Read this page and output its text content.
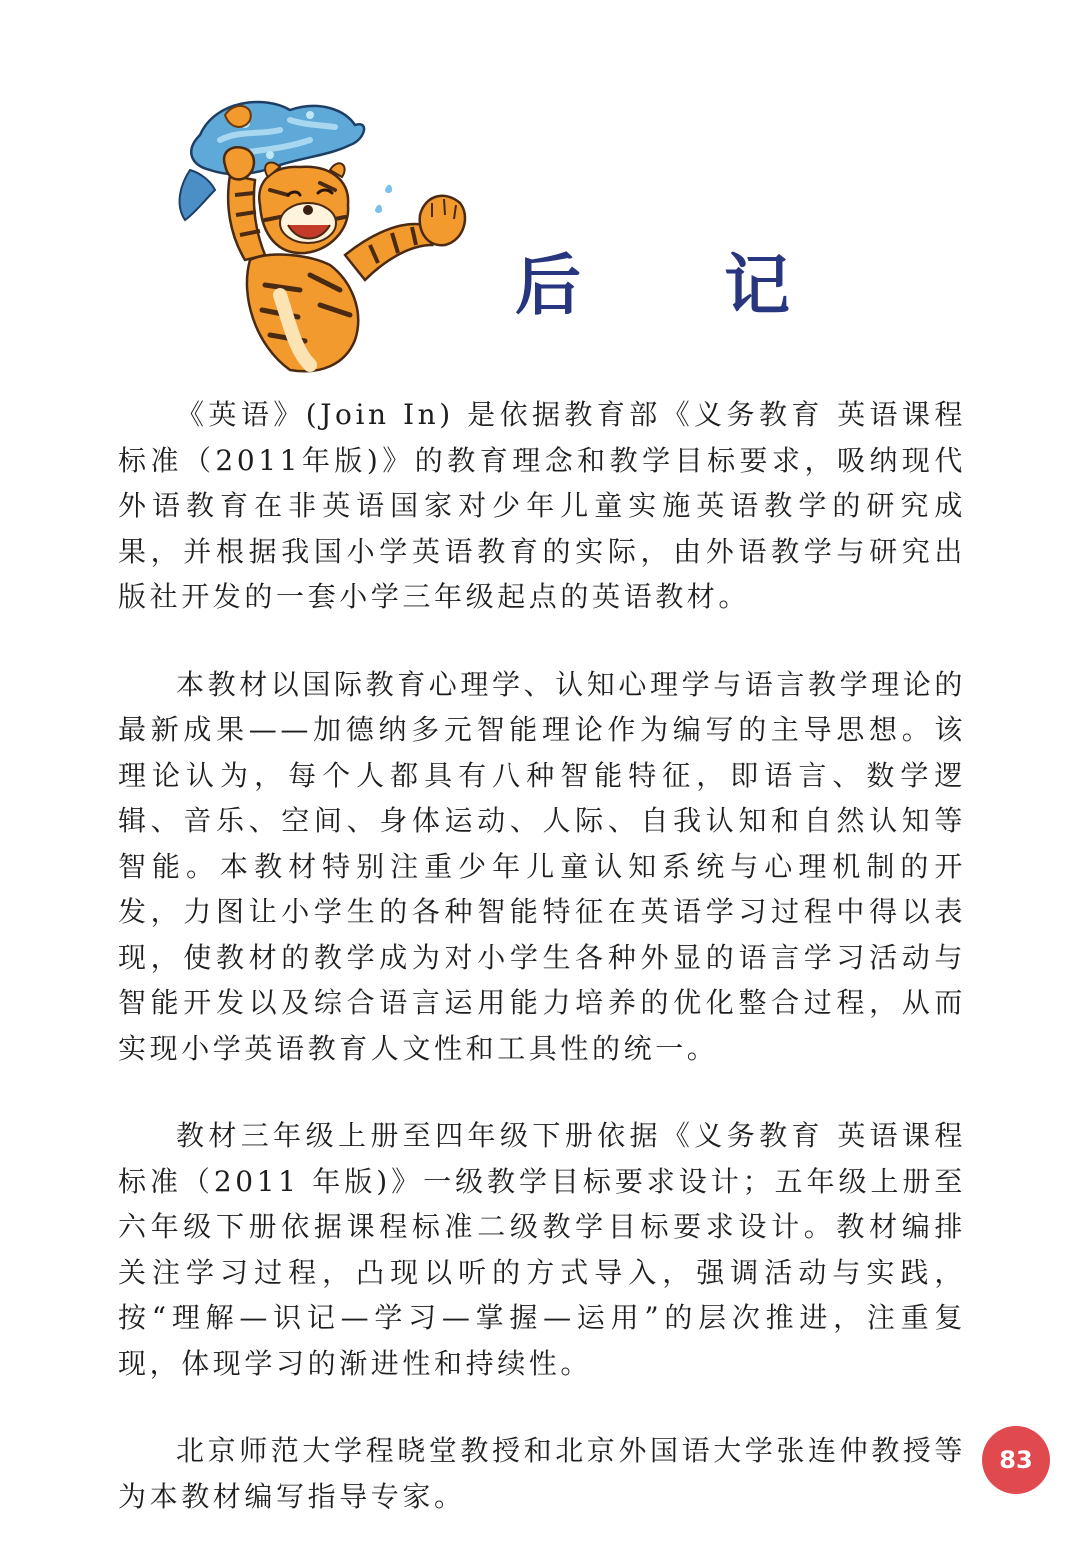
后 记

《英语》(Join In) 是依据教育部《义务教育 英语课程标准（2011年版)》的教育理念和教学目标要求，吸纳现代外语教育在非英语国家对少年儿童实施英语教学的研究成果，并根据我国小学英语教育的实际，由外语教学与研究出版社开发的一套小学三年级起点的英语教材。

本教材以国际教育心理学、认知心理学与语言教学理论的最新成果——加德纳多元智能理论作为编写的主导思想。该理论认为，每个人都具有八种智能特征，即语言、数学逻辑、音乐、空间、身体运动、人际、自我认知和自然认知等智能。本教材特别注重少年儿童认知系统与心理机制的开发，力图让小学生的各种智能特征在英语学习过程中得以表现，使教材的教学成为对小学生各种外显的语言学习活动与智能开发以及综合语言运用能力培养的优化整合过程，从而实现小学英语教育人文性和工具性的统一。

教材三年级上册至四年级下册依据《义务教育 英语课程标准（2011 年版)》一级教学目标要求设计；五年级上册至六年级下册依据课程标准二级教学目标要求设计。教材编排关注学习过程，凸现以听的方式导入，强调活动与实践，按“理解—识记—学习—掌握—运用”的层次推进，注重复现，体现学习的渐进性和持续性。

北京师范大学程晓堂教授和北京外国语大学张连仲教授等为本教材编写指导专家。

83
